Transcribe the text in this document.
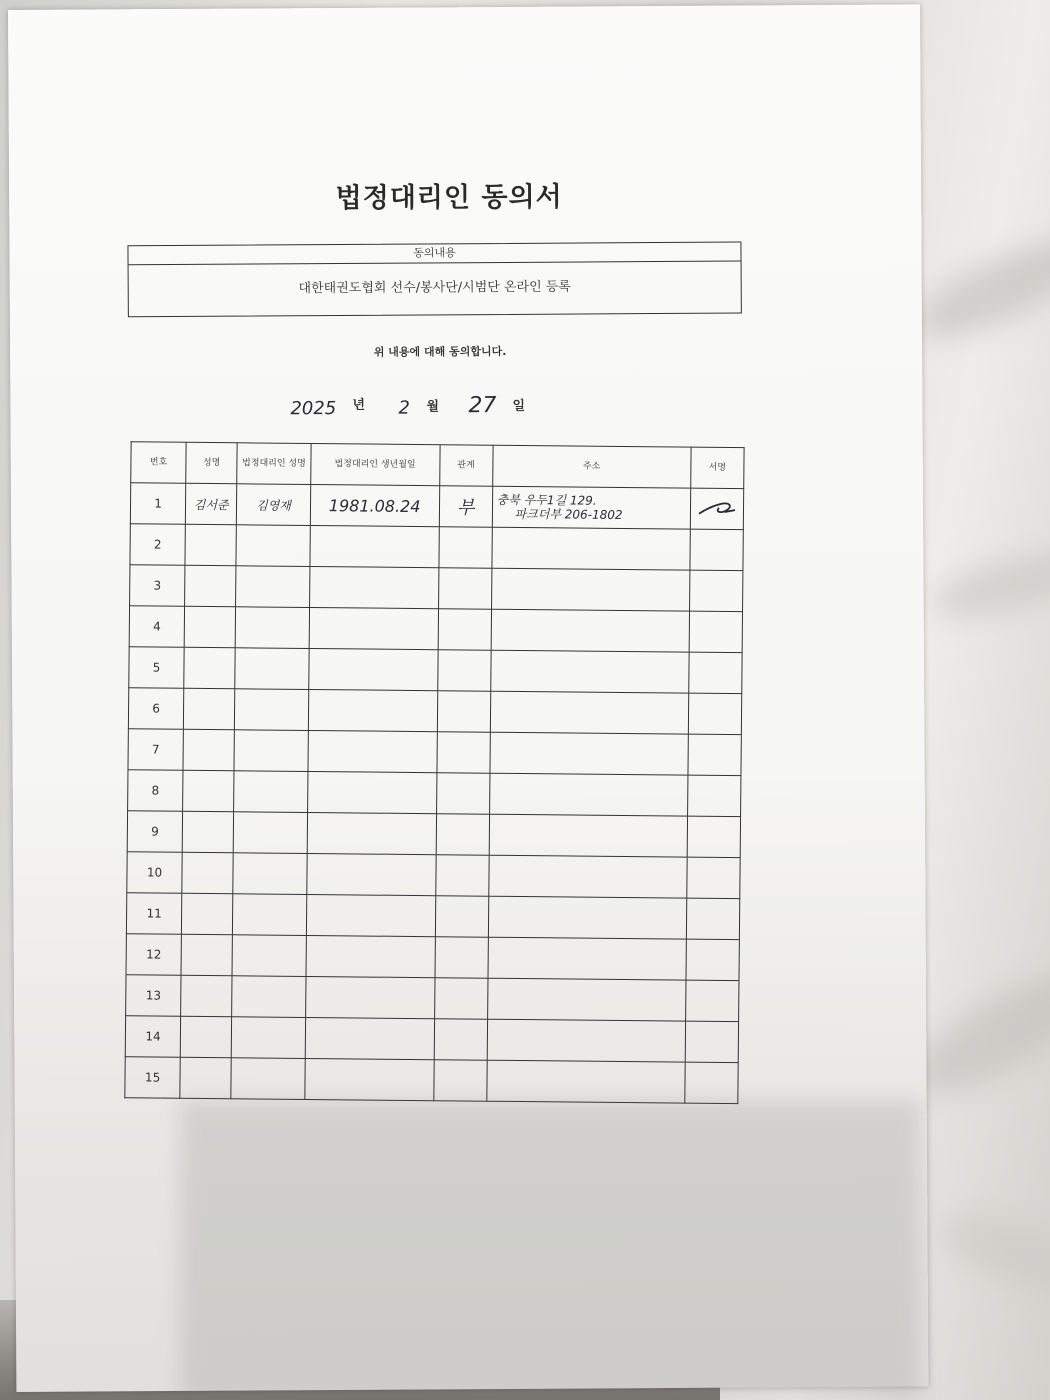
법정대리인 동의서
동의내용
대한태권도협회 선수/봉사단/시범단 온라인 등록
위 내용에 대해 동의합니다.
2025 년 2 월 27 일
번호	성명	법정대리인 성명	법정대리인 생년월일	관계	주소	서명
1	김서준	김영재	1981.08.24	부	충북 우두1길 129.
파크더부 206-1802

2						
3						
4						
5						
6						
7						
8						
9						
10						
11						
12						
13						
14						
15						
